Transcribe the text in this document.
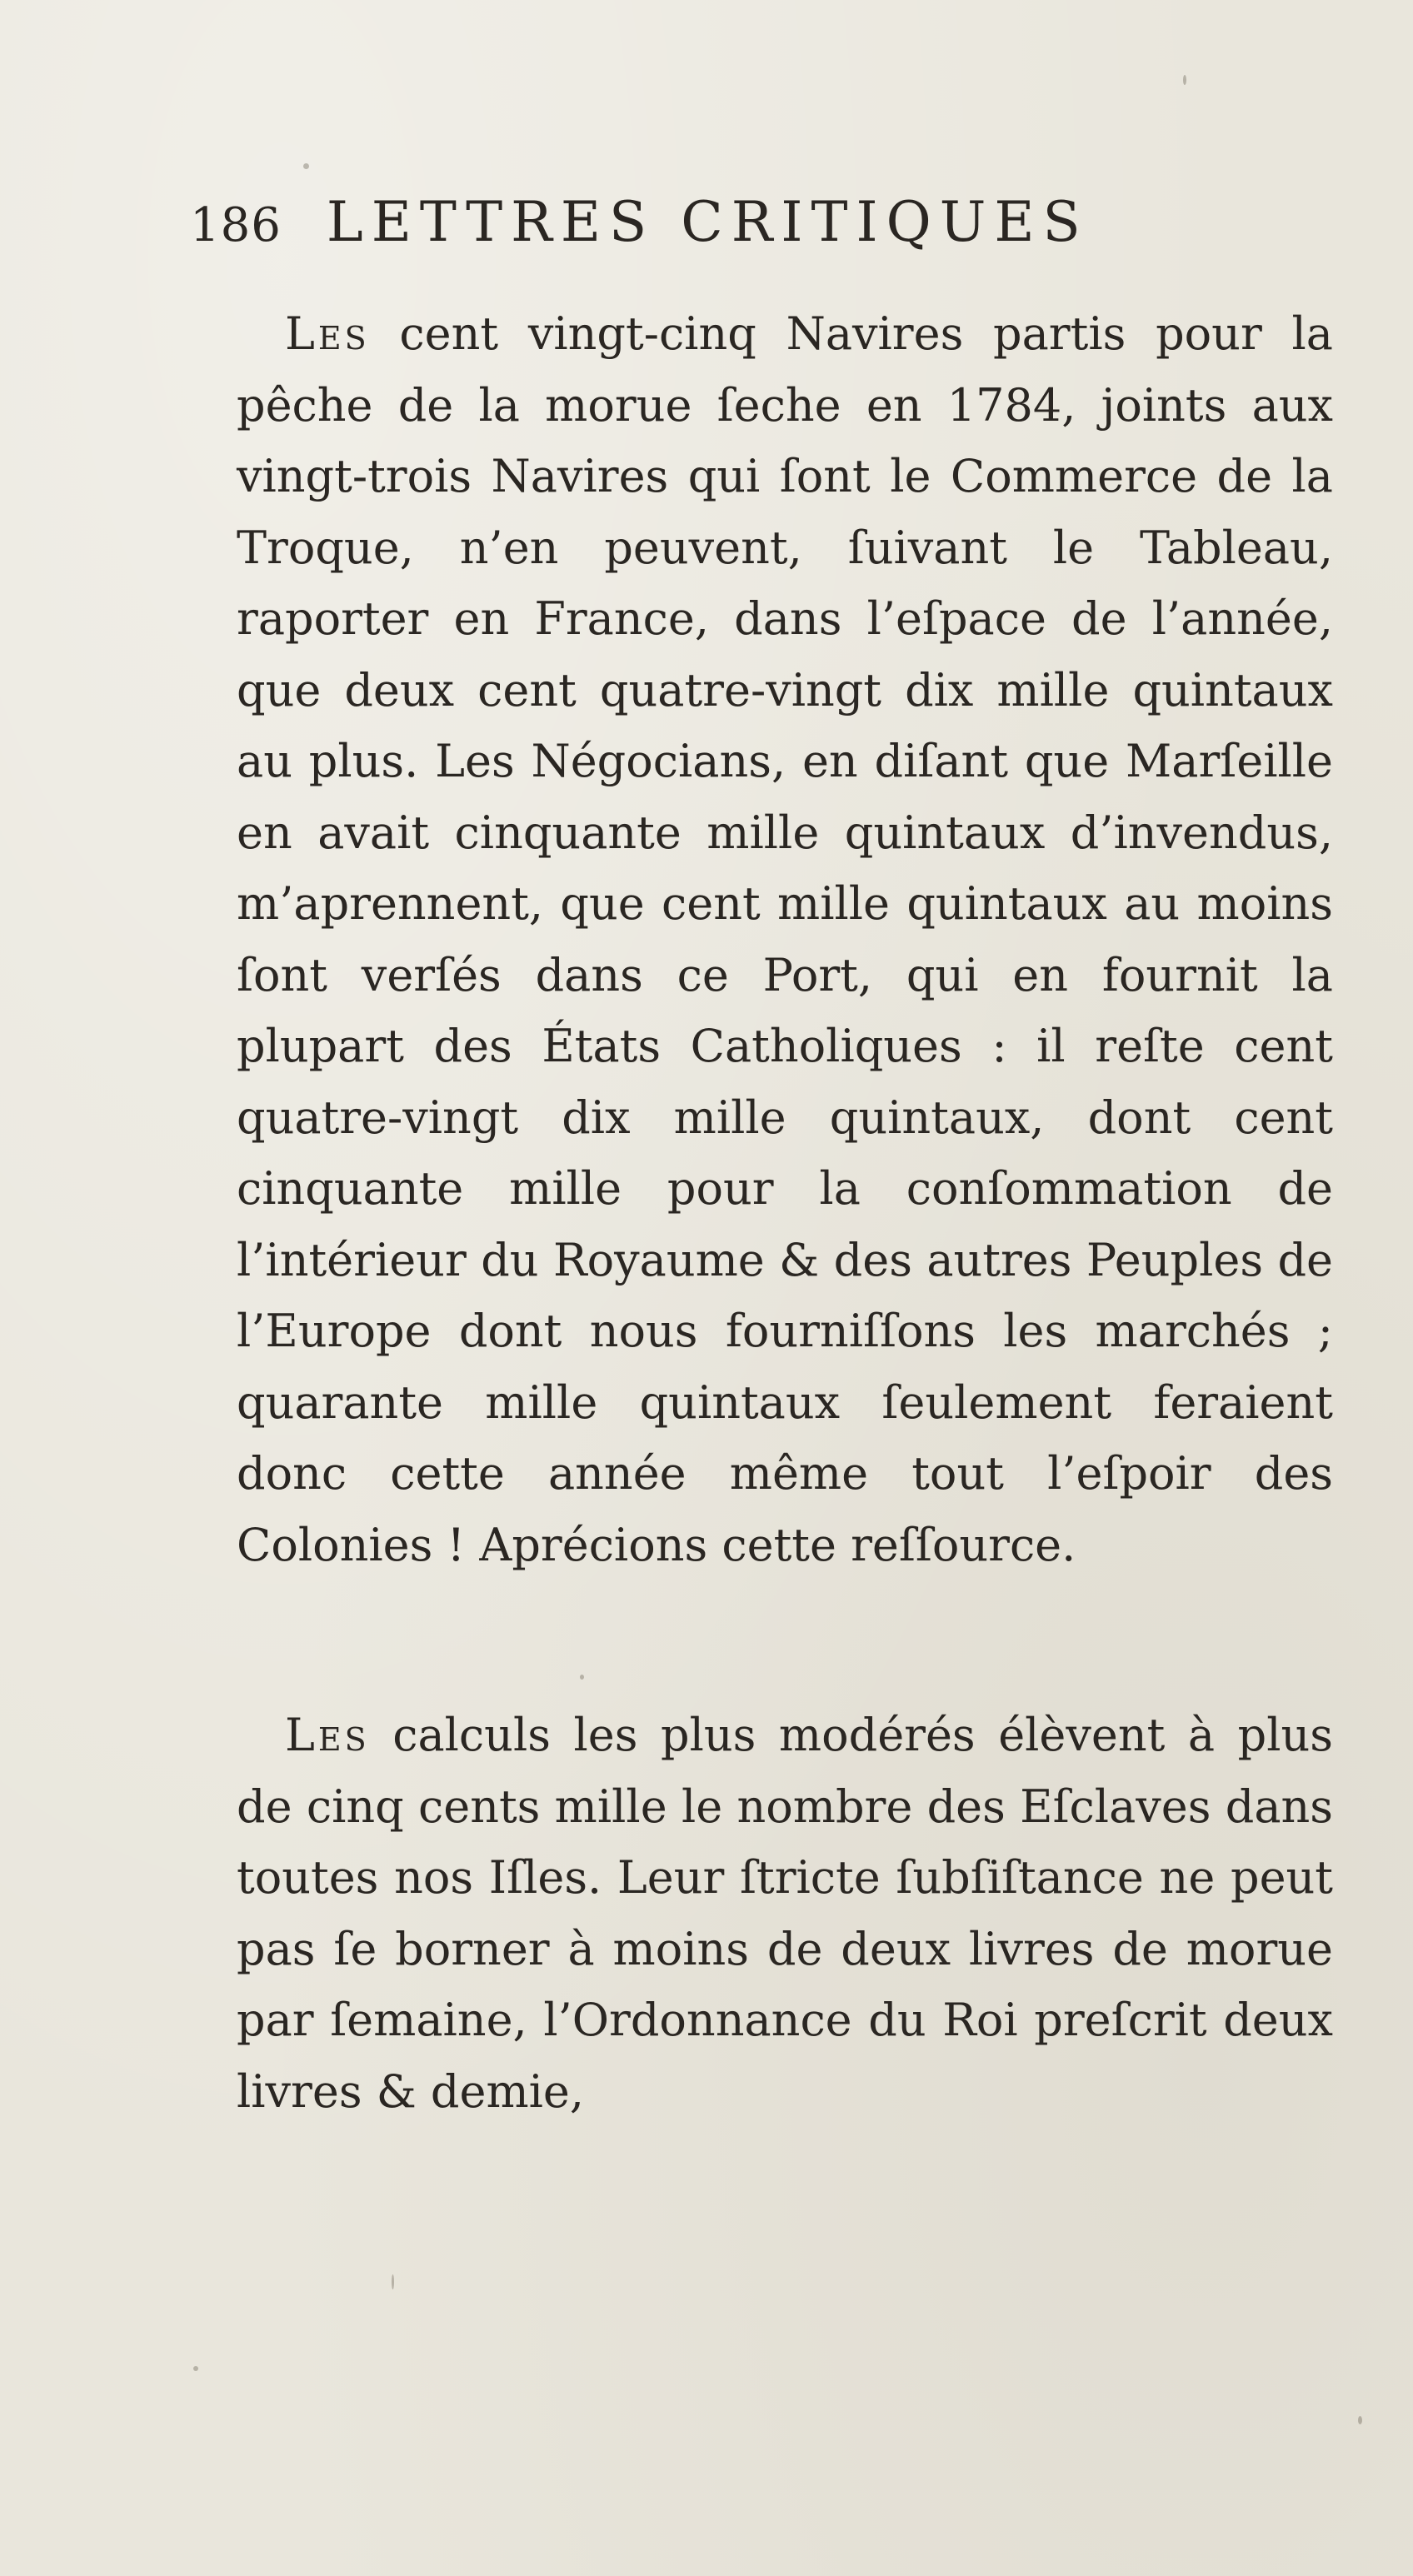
186 LETTRES CRITIQUES

Les cent vingt-cinq Navires partis pour la pêche de la morue ſeche en 1784, joints aux vingt-trois Navires qui ſont le Commerce de la Troque, n’en peuvent, ſuivant le Tableau, raporter en France, dans l’eſpace de l’année, que deux cent quatre-vingt dix mille quintaux au plus. Les Négocians, en diſant que Marſeille en avait cinquante mille quintaux d’invendus, m’aprennent, que cent mille quintaux au moins ſont verſés dans ce Port, qui en fournit la plupart des États Catholiques : il reſte cent quatre-vingt dix mille quintaux, dont cent cinquante mille pour la conſommation de l’intérieur du Royaume & des autres Peuples de l’Europe dont nous fourniſſons les marchés ; quarante mille quintaux ſeulement feraient donc cette année même tout l’eſpoir des Colonies ! Aprécions cette reſſource.

Les calculs les plus modérés élèvent à plus de cinq cents mille le nombre des Eſclaves dans toutes nos Iſles. Leur ſtricte ſubſiſtance ne peut pas ſe borner à moins de deux livres de morue par ſemaine, l’Ordonnance du Roi preſcrit deux livres & demie,
